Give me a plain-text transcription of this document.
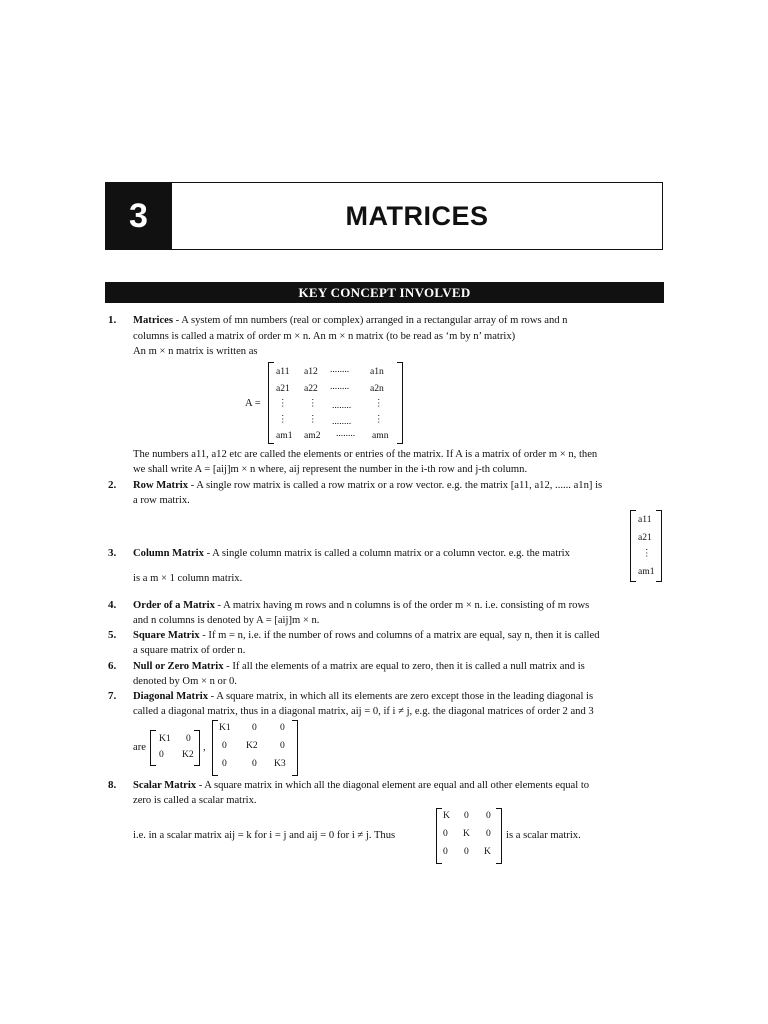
3	MATRICES
KEY CONCEPT INVOLVED
1. Matrices - A system of mn numbers (real or complex) arranged in a rectangular array of m rows and n
columns is called a matrix of order m × n. An m × n matrix (to be read as ‘m by n’ matrix)
An m × n matrix is written as
A =
a11 a12 ........ a1n
a21 a22 ........ a2n
⋮ ⋮ ........ ⋮
⋮ ⋮ ........ ⋮
am1 am2 ........ amn
The numbers a11, a12 etc are called the elements or entries of the matrix. If A is a matrix of order m × n, then
we shall write A = [aij]m × n where, aij represent the number in the i-th row and j-th column.
2. Row Matrix - A single row matrix is called a row matrix or a row vector. e.g. the matrix [a11, a12, ...... a1n] is
a row matrix.
3. Column Matrix - A single column matrix is called a column matrix or a column vector. e.g. the matrix
a11
a21
⋮
am1
is a m × 1 column matrix.
4. Order of a Matrix - A matrix having m rows and n columns is of the order m × n. i.e. consisting of m rows
and n columns is denoted by A = [aij]m × n.
5. Square Matrix - If m = n, i.e. if the number of rows and columns of a matrix are equal, say n, then it is called
a square matrix of order n.
6. Null or Zero Matrix - If all the elements of a matrix are equal to zero, then it is called a null matrix and is
denoted by Om × n or 0.
7. Diagonal Matrix - A square matrix, in which all its elements are zero except those in the leading diagonal is
called a diagonal matrix, thus in a diagonal matrix, aij = 0, if i ≠ j, e.g. the diagonal matrices of order 2 and 3
are
K1 0
0 K2
,
K1 0 0
0 K2 0
0	0 K3
8. Scalar Matrix - A square matrix in which all the diagonal element are equal and all other elements equal to
zero is called a scalar matrix.
i.e. in a scalar matrix aij = k for i = j and aij = 0 for i ≠ j. Thus
K 0 0
0 K 0
0 0 K
is a scalar matrix.
